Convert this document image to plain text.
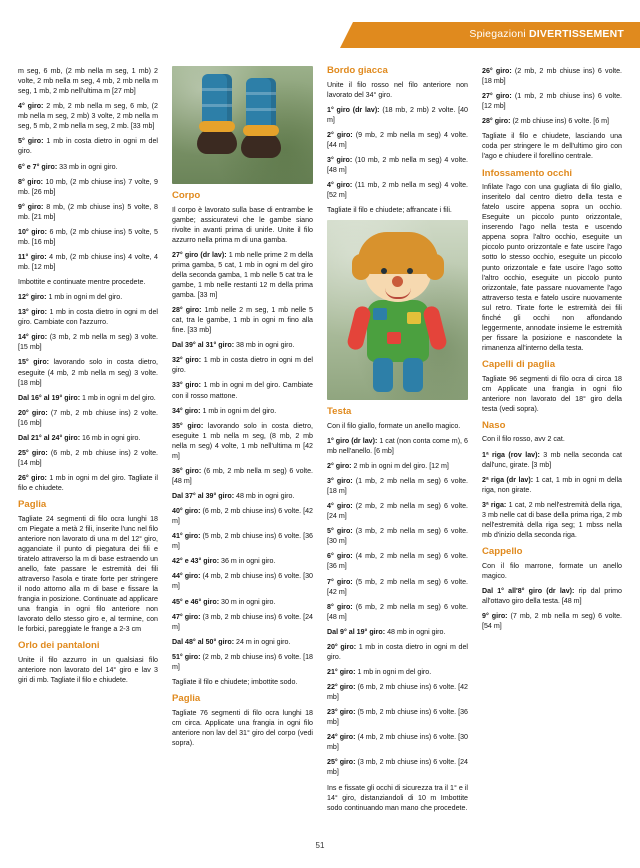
Spiegazioni DIVERTISSEMENT

m seg, 6 mb, (2 mb nella m seg, 1 mb) 2 volte, 2 mb nella m seg, 4 mb, 2 mb nella m seg, 1 mb, 2 mb nell'ultima m [27 mb]

4° giro: 2 mb, 2 mb nella m seg, 6 mb, (2 mb nella m seg, 2 mb) 3 volte, 2 mb nella m seg, 5 mb, 2 mb nella m seg, 2 mb. [33 mb]

5° giro: 1 mb in costa dietro in ogni m del giro.

6° e 7° giro: 33 mb in ogni giro.

8° giro: 10 mb, (2 mb chiuse ins) 7 volte, 9 mb. [26 mb]

9° giro: 8 mb, (2 mb chiuse ins) 5 volte, 8 mb. [21 mb]

10° giro: 6 mb, (2 mb chiuse ins) 5 volte, 5 mb. [16 mb]

11° giro: 4 mb, (2 mb chiuse ins) 4 volte, 4 mb. [12 mb]

Imbottite e continuate mentre procedete.

12° giro: 1 mb in ogni m del giro.

13° giro: 1 mb in costa dietro in ogni m del giro. Cambiate con l'azzurro.

14° giro: (3 mb, 2 mb nella m seg) 3 volte. [15 mb]

15° giro: lavorando solo in costa dietro, eseguite (4 mb, 2 mb nella m seg) 3 volte. [18 mb]

Dal 16° al 19° giro: 1 mb in ogni m del giro.

20° giro: (7 mb, 2 mb chiuse ins) 2 volte. [16 mb]

Dal 21° al 24° giro: 16 mb in ogni giro.

25° giro: (6 mb, 2 mb chiuse ins) 2 volte. [14 mb]

26° giro: 1 mb in ogni m del giro. Tagliate il filo e chiudete.

Paglia

Tagliate 24 segmenti di filo ocra lunghi 18 cm Piegate a metà 2 fili, inserite l'unc nel filo anteriore non lavorato di una m del 12° giro, agganciate il punto di piegatura dei fili e tiratelo attraverso la m di base estraendo un anello, fate passare le estremità dei fili attraverso l'asola e tirate forte per stringere il nodo attorno alla m di base e fissare la frangia in posizione. Continuate ad applicare una frangia in ogni filo anteriore non lavorato dello stesso giro e, al termine, con le forbici, pareggiate le frange a 2-3 cm

Orlo dei pantaloni

Unite il filo azzurro in un qualsiasi filo anteriore non lavorato del 14° giro e lav 3 giri di mb. Tagliate il filo e chiudete.

Corpo

Il corpo è lavorato sulla base di entrambe le gambe; assicuratevi che le gambe siano rivolte in avanti prima di unirle. Unite il filo azzurro nella prima m di una gamba.

27° giro (dr lav): 1 mb nelle prime 2 m della prima gamba, 5 cat, 1 mb in ogni m del giro della seconda gamba, 1 mb nelle 5 cat tra le gambe, 1 mb nelle restanti 12 m della prima gamba. [33 m]

28° giro: 1mb nelle 2 m seg, 1 mb nelle 5 cat, tra le gambe, 1 mb in ogni m fino alla fine. [33 mb]

Dal 39° al 31° giro: 38 mb in ogni giro.

32° giro: 1 mb in costa dietro in ogni m del giro.

33° giro: 1 mb in ogni m del giro. Cambiate con il rosso mattone.

34° giro: 1 mb in ogni m del giro.

35° giro: lavorando solo in costa dietro, eseguite 1 mb nella m seg, (8 mb, 2 mb nella m seg) 4 volte, 1 mb nell'ultima m [42 m]

36° giro: (6 mb, 2 mb nella m seg) 6 volte. [48 m]

Dal 37° al 39° giro: 48 mb in ogni giro.

40° giro: (6 mb, 2 mb chiuse ins) 6 volte. [42 m]

41° giro: (5 mb, 2 mb chiuse ins) 6 volte. [36 m]

42° e 43° giro: 36 m in ogni giro.

44° giro: (4 mb, 2 mb chiuse ins) 6 volte. [30 m]

45° e 46° giro: 30 m in ogni giro.

47° giro: (3 mb, 2 mb chiuse ins) 6 volte. [24 m]

Dal 48° al 50° giro: 24 m in ogni giro.

51° giro: (2 mb, 2 mb chiuse ins) 6 volte. [18 m]

Tagliate il filo e chiudete; imbottite sodo.

Paglia

Tagliate 76 segmenti di filo ocra lunghi 18 cm circa. Applicate una frangia in ogni filo anteriore non lav del 31° giro del corpo (vedi sopra).

Bordo giacca

Unite il filo rosso nel filo anteriore non lavorato del 34° giro.

1° giro (dr lav): (18 mb, 2 mb) 2 volte. [40 m]

2° giro: (9 mb, 2 mb nella m seg) 4 volte. [44 m]

3° giro: (10 mb, 2 mb nella m seg) 4 volte. [48 m]

4° giro: (11 mb, 2 mb nella m seg) 4 volte. [52 m]

Tagliate il filo e chiudete; affrancate i fili.

Testa

Con il filo giallo, formate un anello magico.

1° giro (dr lav): 1 cat (non conta come m), 6 mb nell'anello. [6 mb]

2° giro: 2 mb in ogni m del giro. [12 m]

3° giro: (1 mb, 2 mb nella m seg) 6 volte. [18 m]

4° giro: (2 mb, 2 mb nella m seg) 6 volte. [24 m]

5° giro: (3 mb, 2 mb nella m seg) 6 volte. [30 m]

6° giro: (4 mb, 2 mb nella m seg) 6 volte. [36 m]

7° giro: (5 mb, 2 mb nella m seg) 6 volte. [42 m]

8° giro: (6 mb, 2 mb nella m seg) 6 volte. [48 m]

Dal 9° al 19° giro: 48 mb in ogni giro.

20° giro: 1 mb in costa dietro in ogni m del giro.

21° giro: 1 mb in ogni m del giro.

22° giro: (6 mb, 2 mb chiuse ins) 6 volte. [42 mb]

23° giro: (5 mb, 2 mb chiuse ins) 6 volte. [36 mb]

24° giro: (4 mb, 2 mb chiuse ins) 6 volte. [30 mb]

25° giro: (3 mb, 2 mb chiuse ins) 6 volte. [24 mb]

Ins e fissate gli occhi di sicurezza tra il 1° e il 14° giro, distanziandoli di 10 m Imbottite sodo continuando man mano che procedete.

26° giro: (2 mb, 2 mb chiuse ins) 6 volte. [18 mb]

27° giro: (1 mb, 2 mb chiuse ins) 6 volte. [12 mb]

28° giro: (2 mb chiuse ins) 6 volte. [6 m]

Tagliate il filo e chiudete, lasciando una coda per stringere le m dell'ultimo giro con l'ago e chiudere il forellino centrale.

Infossamento occhi

Infilate l'ago con una gugliata di filo giallo, inseritelo dal centro dietro della testa e fatelo uscire appena sopra un occhio. Eseguite un piccolo punto orizzontale, inserendo l'ago nella testa e uscendo appena sopra l'altro occhio, eseguite un piccolo punto orizzontale e fate uscire l'ago sotto lo stesso occhio, eseguite un piccolo punto orizzontale e fate uscire l'ago sotto l'altro occhio, eseguite un piccolo punto orizzontale, fate passare nuovamente l'ago attraverso testa e fatelo uscire nuovamente sul retro. Tirate forte le estremità dei fili finché gli occhi non affondando leggermente, annodate insieme le estremità per fissare la posizione e nascondete la rimanenza all'interno della testa.

Capelli di paglia

Tagliate 96 segmenti di filo ocra di circa 18 cm Applicate una frangia in ogni filo anteriore non lavorato del 18° giro della testa (vedi sopra).

Naso

Con il filo rosso, avv 2 cat.

1ª riga (rov lav): 3 mb nella seconda cat dall'unc, girate. [3 mb]

2ª riga (dr lav): 1 cat, 1 mb in ogni m della riga, non girate.

3ª riga: 1 cat, 2 mb nell'estremità della riga, 3 mb nelle cat di base della prima riga, 2 mb nell'estremità della riga seg; 1 mbss nella mb d'inizio della seconda riga.

Cappello

Con il filo marrone, formate un anello magico.

Dal 1° all'8° giro (dr lav): rip dal primo all'ottavo giro della testa. [48 m]

9° giro: (7 mb, 2 mb nella m seg) 6 volte. [54 m]

51
